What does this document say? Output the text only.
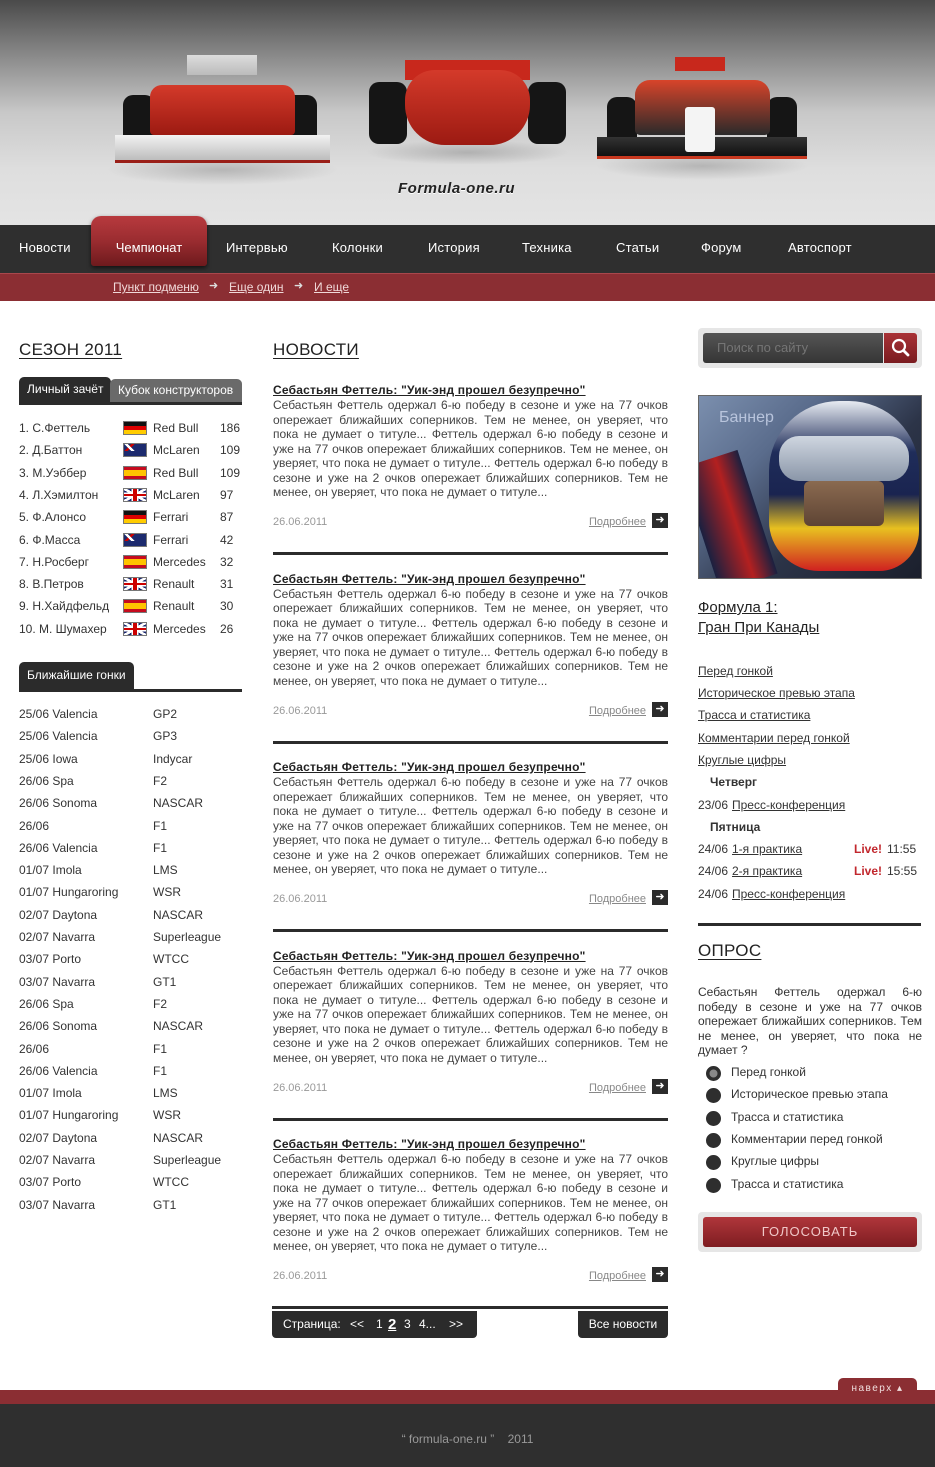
Formula-one.ru
Новости	Интервью	Колонки	История	Техника	Статьи	Форум	Автоспорт
Чемпионат
Пункт подменю ➜ Еще один ➜ И еще
СЕЗОН 2011
Личный зачёт	Кубок конструкторов
1. С.Феттель	Red Bull 186
2. Д.Баттон	McLaren 109
3. М.Уэббер	Red Bull 109
4. Л.Хэмилтон	McLaren 97
5. Ф.Алонсо	Ferrari	87
6. Ф.Масса	Ferrari	42
7. Н.Росберг	Mercedes 32
8. В.Петров	Renault 31
9. Н.Хайдфельд	Renault 30
10. М. Шумахер	Mercedes 26
Ближайшие гонки
25/06 Valencia	GP2
25/06 Valencia	GP3
25/06 Iowa	Indycar
26/06 Spa	F2
26/06 Sonoma	NASCAR
26/06	F1
26/06 Valencia	F1
01/07 Imola	LMS
01/07 Hungaroring	WSR
02/07 Daytona	NASCAR
02/07 Navarra	Superleague
03/07 Porto	WTCC
03/07 Navarra	GT1
26/06 Spa	F2
26/06 Sonoma	NASCAR
26/06	F1
26/06 Valencia	F1
01/07 Imola	LMS
01/07 Hungaroring	WSR
02/07 Daytona	NASCAR
02/07 Navarra	Superleague
03/07 Porto	WTCC
03/07 Navarra	GT1
НОВОСТИ
Себастьян Феттель: "Уик-энд прошел безупречно"
Себастьян Феттель одержал 6-ю победу в сезоне и уже на 77 очков опережает ближайших соперников. Тем не менее, он уверяет, что пока не думает о титуле... Феттель одержал 6-ю победу в сезоне и уже на 77 очков опережает ближайших соперников. Тем не менее, он уверяет, что пока не думает о титуле... Феттель одержал 6-ю победу в сезоне и уже на 2 очков опережает ближайших соперников. Тем не менее, он уверяет, что пока не думает о титуле...
26.06.2011	Подробнее ➜
Себастьян Феттель: "Уик-энд прошел безупречно"
Себастьян Феттель одержал 6-ю победу в сезоне и уже на 77 очков опережает ближайших соперников. Тем не менее, он уверяет, что пока не думает о титуле... Феттель одержал 6-ю победу в сезоне и уже на 77 очков опережает ближайших соперников. Тем не менее, он уверяет, что пока не думает о титуле... Феттель одержал 6-ю победу в сезоне и уже на 2 очков опережает ближайших соперников. Тем не менее, он уверяет, что пока не думает о титуле...
26.06.2011	Подробнее ➜
Себастьян Феттель: "Уик-энд прошел безупречно"
Себастьян Феттель одержал 6-ю победу в сезоне и уже на 77 очков опережает ближайших соперников. Тем не менее, он уверяет, что пока не думает о титуле... Феттель одержал 6-ю победу в сезоне и уже на 77 очков опережает ближайших соперников. Тем не менее, он уверяет, что пока не думает о титуле... Феттель одержал 6-ю победу в сезоне и уже на 2 очков опережает ближайших соперников. Тем не менее, он уверяет, что пока не думает о титуле...
26.06.2011	Подробнее ➜
Себастьян Феттель: "Уик-энд прошел безупречно"
Себастьян Феттель одержал 6-ю победу в сезоне и уже на 77 очков опережает ближайших соперников. Тем не менее, он уверяет, что пока не думает о титуле... Феттель одержал 6-ю победу в сезоне и уже на 77 очков опережает ближайших соперников. Тем не менее, он уверяет, что пока не думает о титуле... Феттель одержал 6-ю победу в сезоне и уже на 2 очков опережает ближайших соперников. Тем не менее, он уверяет, что пока не думает о титуле...
26.06.2011	Подробнее ➜
Себастьян Феттель: "Уик-энд прошел безупречно"
Себастьян Феттель одержал 6-ю победу в сезоне и уже на 77 очков опережает ближайших соперников. Тем не менее, он уверяет, что пока не думает о титуле... Феттель одержал 6-ю победу в сезоне и уже на 77 очков опережает ближайших соперников. Тем не менее, он уверяет, что пока не думает о титуле... Феттель одержал 6-ю победу в сезоне и уже на 2 очков опережает ближайших соперников. Тем не менее, он уверяет, что пока не думает о титуле...
26.06.2011	Подробнее ➜
Страница: << 1 2 3 4... >>	Все новости
Поиск по сайту
Баннер
Формула 1:
Гран При Канады
Перед гонкой
Историческое превью этапа
Трасса и статистика
Комментарии перед гонкой
Круглые цифры
Четверг
23/06 Пресс-конференция
Пятница
24/06 1-я практика	Live! 11:55
24/06 2-я практика	Live! 15:55
24/06 Пресс-конференция
ОПРОС
Себастьян Феттель одержал 6-ю победу в сезоне и уже на 77 очков опережает ближайших соперников. Тем не менее, он уверяет, что пока не думает ?
Перед гонкой
Историческое превью этапа
Трасса и статистика
Комментарии перед гонкой
Круглые цифры
Трасса и статистика
ГОЛОСОВАТЬ
наверх ▴
“ formula-one.ru ”    2011
